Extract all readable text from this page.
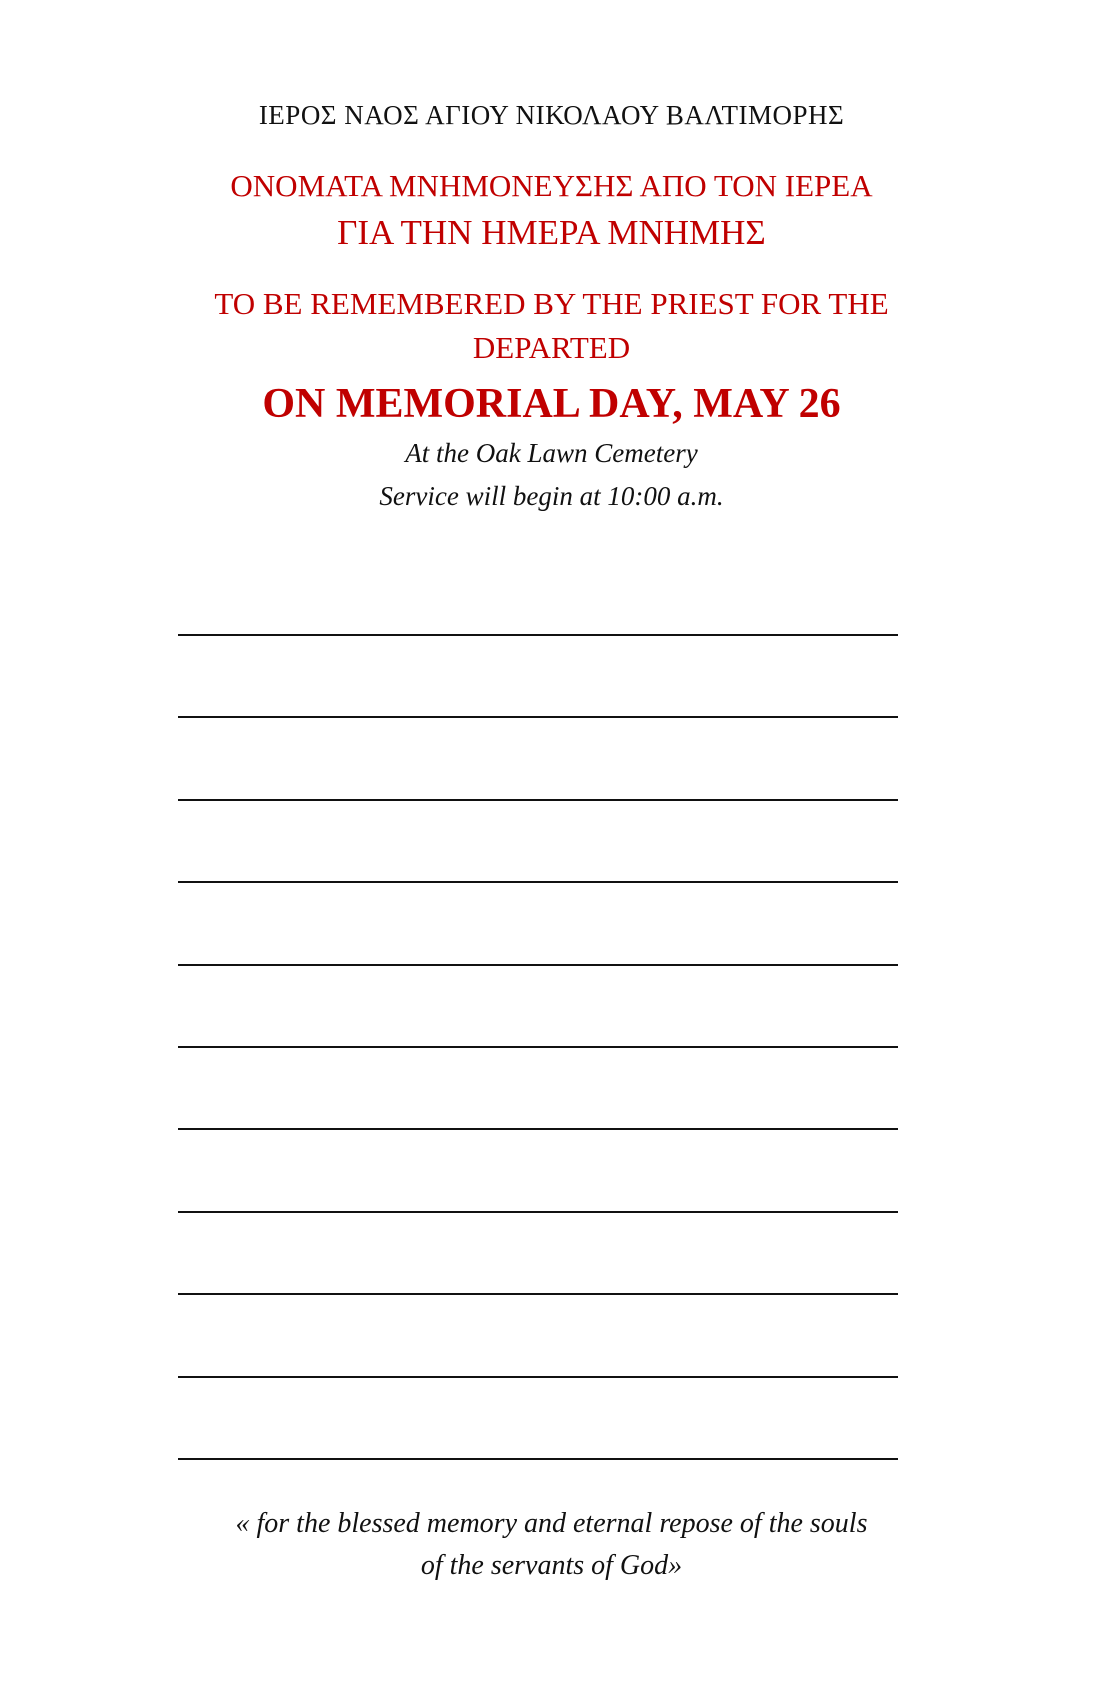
ΙΕΡΟΣ ΝΑΟΣ ΑΓΙΟΥ ΝΙΚΟΛΑΟΥ ΒΑΛΤΙΜΟΡΗΣ
ΟΝΟΜΑΤΑ ΜΝΗΜΟΝΕΥΣΗΣ ΑΠΟ ΤΟΝ ΙΕΡΕΑ
ΓΙΑ ΤΗΝ ΗΜΕΡΑ ΜΝΗΜΗΣ
TO BE REMEMBERED BY THE PRIEST FOR THE
DEPARTED
ON MEMORIAL DAY, MAY 26
At the Oak Lawn Cemetery
Service will begin at 10:00 a.m.
« for the blessed memory and eternal repose of the souls
of the servants of God»
